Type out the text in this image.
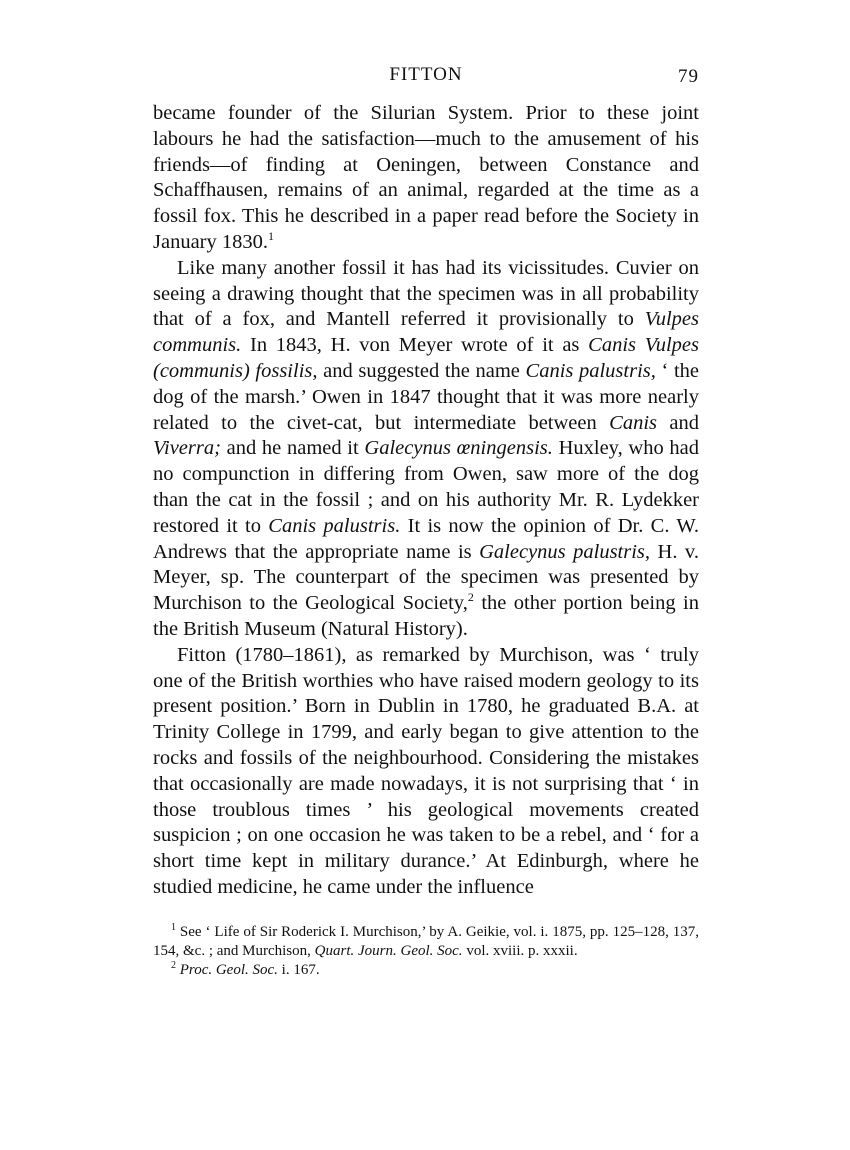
FITTON	79

became founder of the Silurian System. Prior to these joint labours he had the satisfaction—much to the amusement of his friends—of finding at Oeningen, between Constance and Schaffhausen, remains of an animal, regarded at the time as a fossil fox. This he described in a paper read before the Society in January 1830.$^1$

Like many another fossil it has had its vicissitudes. Cuvier on seeing a drawing thought that the specimen was in all probability that of a fox, and Mantell referred it provisionally to Vulpes communis. In 1843, H. von Meyer wrote of it as Canis Vulpes (communis) fossilis, and suggested the name Canis palustris, ‘ the dog of the marsh.’ Owen in 1847 thought that it was more nearly related to the civet-cat, but intermediate between Canis and Viverra; and he named it Galecynus œningensis. Huxley, who had no compunction in differing from Owen, saw more of the dog than the cat in the fossil ; and on his authority Mr. R. Lydekker restored it to Canis palustris. It is now the opinion of Dr. C. W. Andrews that the appropriate name is Galecynus palustris, H. v. Meyer, sp. The counterpart of the specimen was presented by Murchison to the Geological Society,$^2$ the other portion being in the British Museum (Natural History).

Fitton (1780–1861), as remarked by Murchison, was ‘ truly one of the British worthies who have raised modern geology to its present position.’ Born in Dublin in 1780, he graduated B.A. at Trinity College in 1799, and early began to give attention to the rocks and fossils of the neighbourhood. Considering the mistakes that occasionally are made nowadays, it is not surprising that ‘ in those troublous times ’ his geological movements created suspicion ; on one occasion he was taken to be a rebel, and ‘ for a short time kept in military durance.’ At Edinburgh, where he studied medicine, he came under the influence

$^1$ See ‘ Life of Sir Roderick I. Murchison,’ by A. Geikie, vol. i. 1875, pp. 125–128, 137, 154, &c. ; and Murchison, Quart. Journ. Geol. Soc. vol. xviii. p. xxxii.

$^2$ Proc. Geol. Soc. i. 167.
